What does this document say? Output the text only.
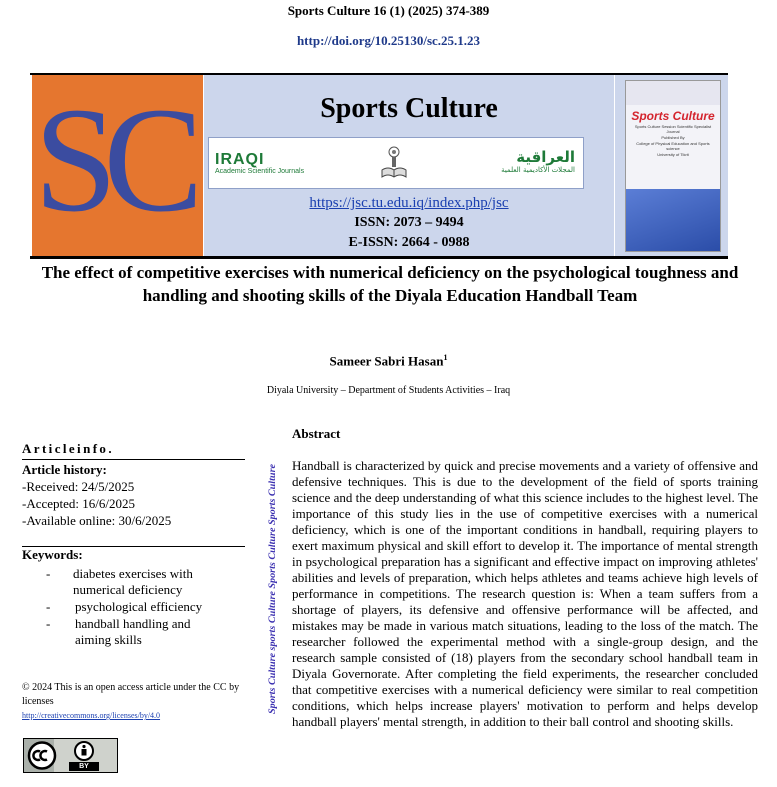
Sports Culture 16 (1) (2025) 374-389
http://doi.org/10.25130/sc.25.1.23
SC	Sports Culture
IRAQI
Academic Scientific Journals
العراقية
المجلات الأكاديمية العلمية
https://jsc.tu.edu.iq/index.php/jsc
ISSN: 2073 – 9494
E-ISSN: 2664 - 0988
Sports Culture
Sports Culture Session Scientific Specialist Journal
Published By
College of Physical Education and Sports science
University of Tikrit
The effect of competitive exercises with numerical deficiency on the psychological toughness and handling and shooting skills of the Diyala Education Handball Team
Sameer Sabri Hasan$^1$
Diyala University – Department of Students Activities – Iraq
Articleinfo.
Article history:
-Received: 24/5/2025
-Accepted: 16/6/2025
-Available online: 30/6/2025
Keywords:
- diabetes exercises with numerical deficiency
- psychological efficiency
- handball handling and aiming skills
© 2024 This is an open access article under the CC by licenses
http://creativecommons.org/licenses/by/4.0
BY
Sports Culture sports Culture Sports Culture Sports Culture
Abstract
Handball is characterized by quick and precise movements and a variety of offensive and defensive techniques. This is due to the development of the field of sports training science and the deep understanding of what this science includes to the highest level. The importance of this study lies in the use of competitive exercises with a numerical deficiency, which is one of the important conditions in handball, requiring players to exert maximum physical and skill effort to develop it. The importance of mental strength in psychological preparation has a significant and effective impact on improving athletes' abilities and levels of preparation, which helps athletes and teams achieve high levels of performance in competitions. The research question is: When a team suffers from a shortage of players, its defensive and offensive performance will be affected, and mistakes may be made in various match situations, leading to the loss of the match. The researcher followed the experimental method with a single-group design, and the research sample consisted of (18) players from the secondary school handball team in Diyala Governorate. After completing the field experiments, the researcher concluded that competitive exercises with a numerical deficiency were similar to real competition conditions, which helps increase players' motivation to perform and helps develop handball players' mental strength, in addition to their ball control and shooting skills.
